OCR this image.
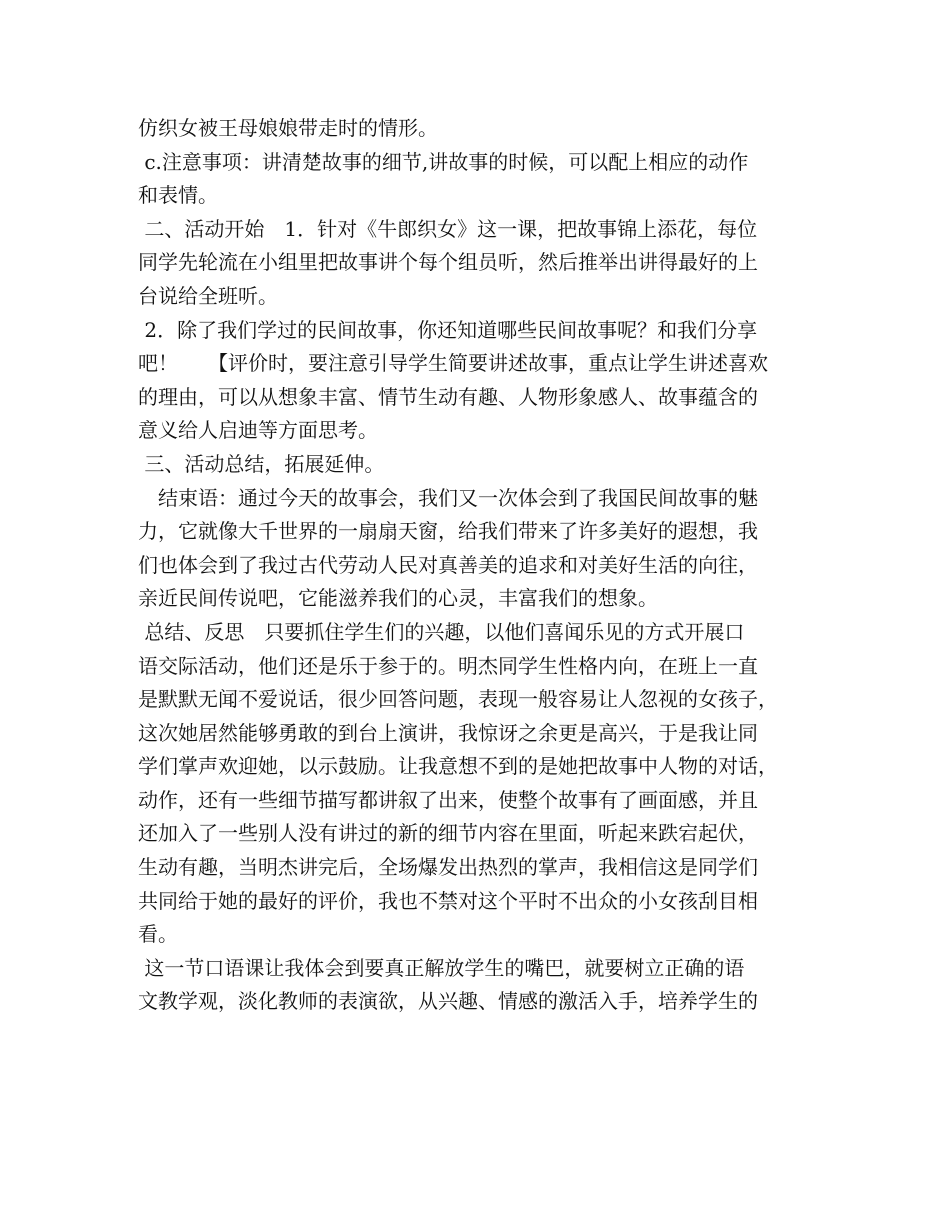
仿织女被王母娘娘带走时的情形。
c.注意事项：讲清楚故事的细节,讲故事的时候，可以配上相应的动作
和表情。
二、活动开始　1．针对《牛郎织女》这一课，把故事锦上添花，每位
同学先轮流在小组里把故事讲个每个组员听，然后推举出讲得最好的上
台说给全班听。
2．除了我们学过的民间故事，你还知道哪些民间故事呢？和我们分享
吧！　　【评价时，要注意引导学生简要讲述故事，重点让学生讲述喜欢
的理由，可以从想象丰富、情节生动有趣、人物形象感人、故事蕴含的
意义给人启迪等方面思考。
三、活动总结，拓展延伸。
　结束语：通过今天的故事会，我们又一次体会到了我国民间故事的魅
力，它就像大千世界的一扇扇天窗，给我们带来了许多美好的遐想，我
们也体会到了我过古代劳动人民对真善美的追求和对美好生活的向往，
亲近民间传说吧，它能滋养我们的心灵，丰富我们的想象。
总结、反思　只要抓住学生们的兴趣，以他们喜闻乐见的方式开展口
语交际活动，他们还是乐于参于的。明杰同学生性格内向，在班上一直
是默默无闻不爱说话，很少回答问题，表现一般容易让人忽视的女孩子，
这次她居然能够勇敢的到台上演讲，我惊讶之余更是高兴，于是我让同
学们掌声欢迎她，以示鼓励。让我意想不到的是她把故事中人物的对话，
动作，还有一些细节描写都讲叙了出来，使整个故事有了画面感，并且
还加入了一些别人没有讲过的新的细节内容在里面，听起来跌宕起伏，
生动有趣，当明杰讲完后，全场爆发出热烈的掌声，我相信这是同学们
共同给于她的最好的评价，我也不禁对这个平时不出众的小女孩刮目相
看。
这一节口语课让我体会到要真正解放学生的嘴巴，就要树立正确的语
文教学观，淡化教师的表演欲，从兴趣、情感的激活入手，培养学生的
